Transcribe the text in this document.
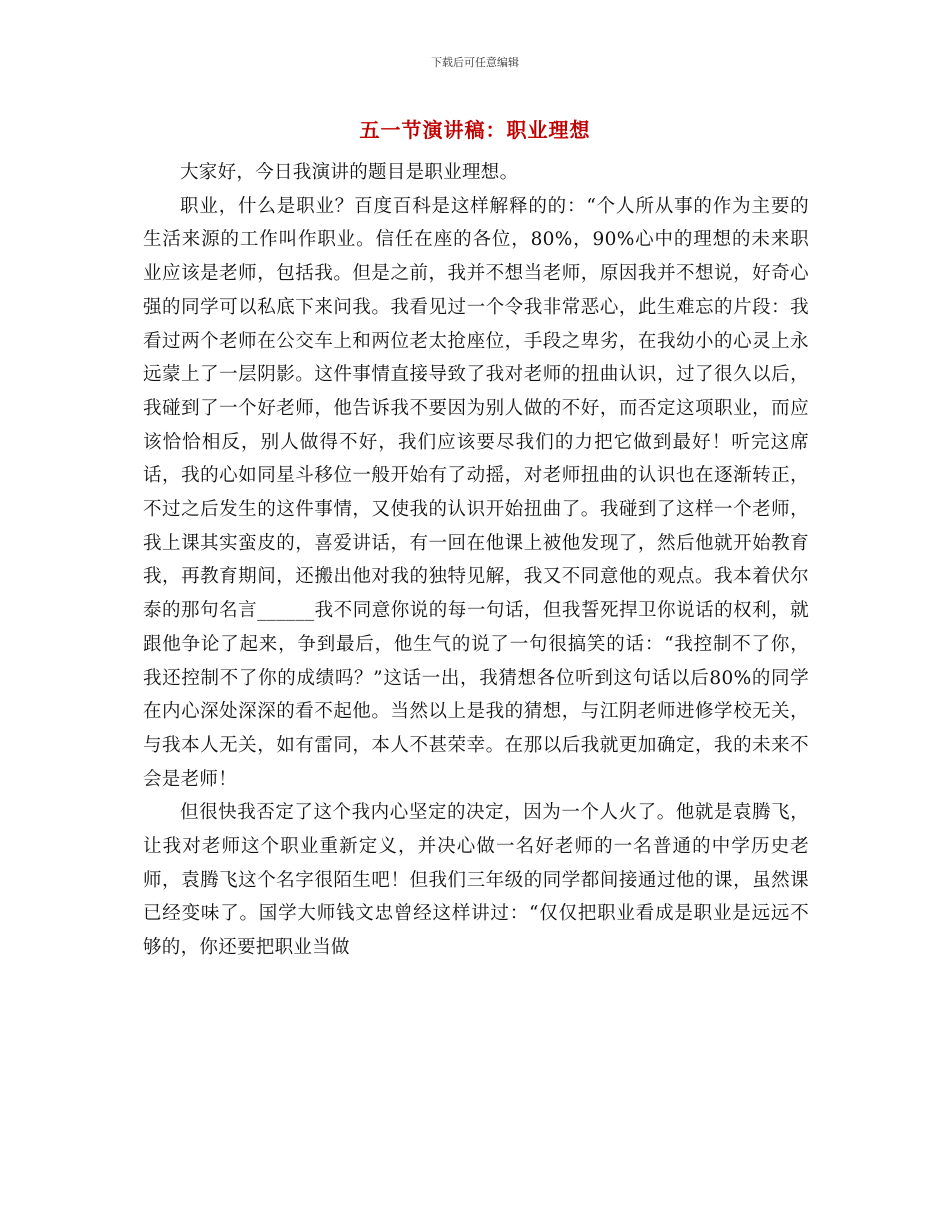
下载后可任意编辑
五一节演讲稿：职业理想

大家好，今日我演讲的题目是职业理想。

职业，什么是职业？百度百科是这样解释的的：“个人所从事的作为主要的生活来源的工作叫作职业。信任在座的各位，80%，90%心中的理想的未来职业应该是老师，包括我。但是之前，我并不想当老师，原因我并不想说，好奇心强的同学可以私底下来问我。我看见过一个令我非常恶心，此生难忘的片段：我看过两个老师在公交车上和两位老太抢座位，手段之卑劣，在我幼小的心灵上永远蒙上了一层阴影。这件事情直接导致了我对老师的扭曲认识，过了很久以后，我碰到了一个好老师，他告诉我不要因为别人做的不好，而否定这项职业，而应该恰恰相反，别人做得不好，我们应该要尽我们的力把它做到最好！听完这席话，我的心如同星斗移位一般开始有了动摇，对老师扭曲的认识也在逐渐转正，不过之后发生的这件事情，又使我的认识开始扭曲了。我碰到了这样一个老师，我上课其实蛮皮的，喜爱讲话，有一回在他课上被他发现了，然后他就开始教育我，再教育期间，还搬出他对我的独特见解，我又不同意他的观点。我本着伏尔泰的那句名言______我不同意你说的每一句话，但我誓死捍卫你说话的权利，就跟他争论了起来，争到最后，他生气的说了一句很搞笑的话：“我控制不了你，我还控制不了你的成绩吗？”这话一出，我猜想各位听到这句话以后80%的同学在内心深处深深的看不起他。当然以上是我的猜想，与江阴老师进修学校无关，与我本人无关，如有雷同，本人不甚荣幸。在那以后我就更加确定，我的未来不会是老师！

但很快我否定了这个我内心坚定的决定，因为一个人火了。他就是袁腾飞，让我对老师这个职业重新定义，并决心做一名好老师的一名普通的中学历史老师，袁腾飞这个名字很陌生吧！但我们三年级的同学都间接通过他的课，虽然课已经变味了。国学大师钱文忠曾经这样讲过：“仅仅把职业看成是职业是远远不够的，你还要把职业当做
